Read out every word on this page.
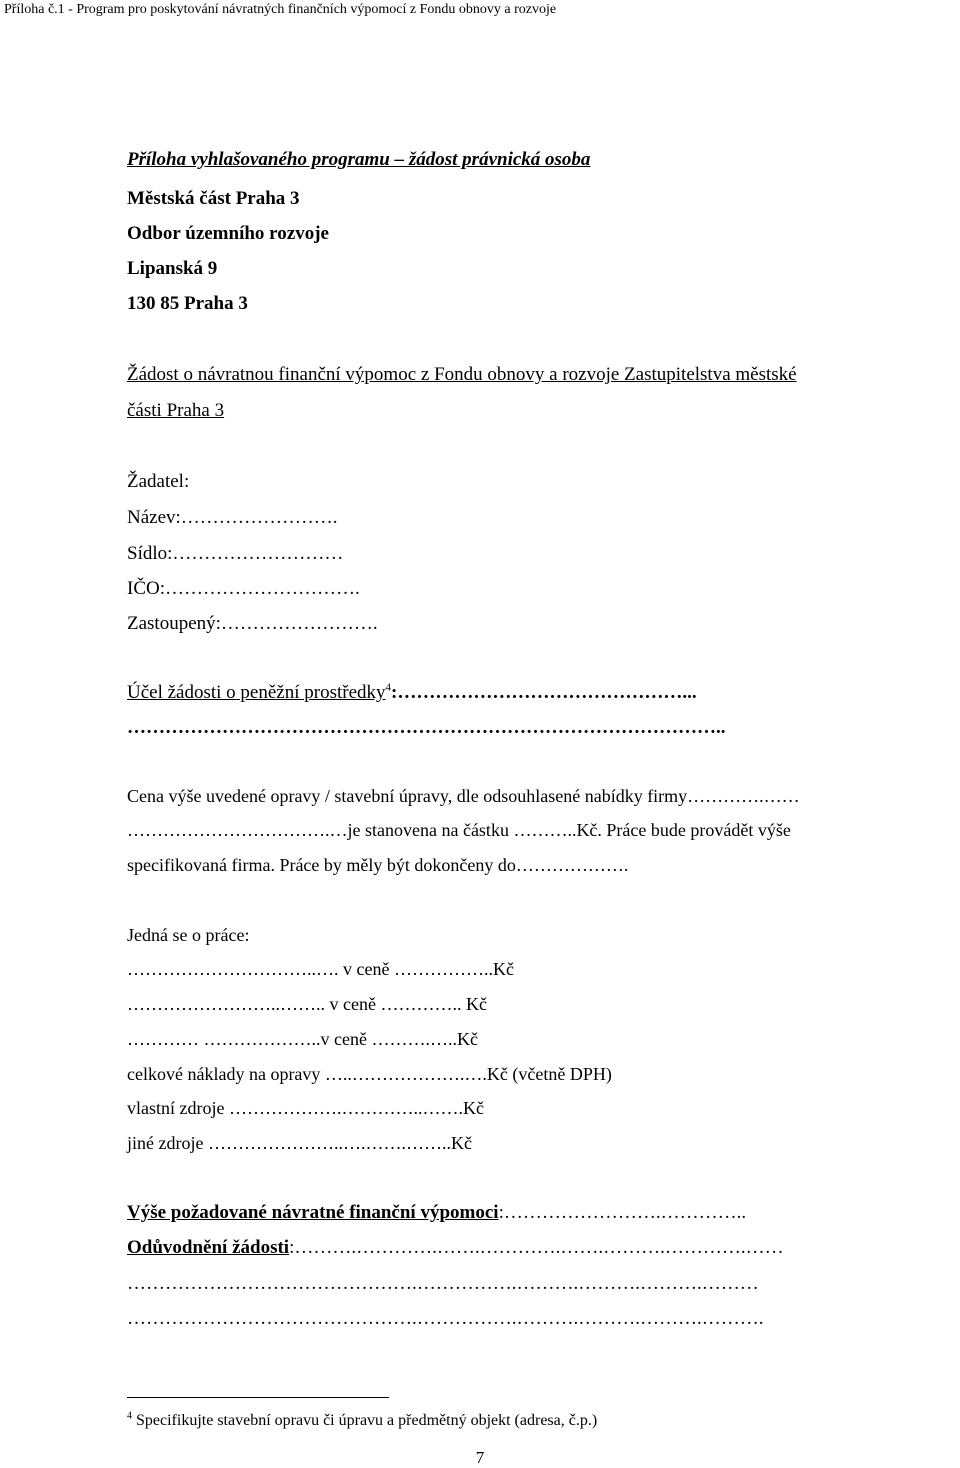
Příloha č.1 - Program pro poskytování návratných finančních výpomocí z Fondu obnovy a rozvoje
Příloha vyhlašovaného programu – žádost právnická osoba
Městská část Praha 3
Odbor územního rozvoje
Lipanská 9
130 85 Praha 3
Žádost o návratnou finanční výpomoc z Fondu obnovy a rozvoje Zastupitelstva městské
části Praha 3
Žadatel:
Název:…………………….
Sídlo:………………………
IČO:………………………….
Zastoupený:…………………….
Účel žádosti o peněžní prostředky$^4$:………………………………………...
…………………………………………………………………………………..
Cena výše uvedené opravy / stavební úpravy, dle odsouhlasené nabídky firmy………….……
…………………………….…je stanovena na částku ………..Kč. Práce bude provádět výše
specifikovaná firma. Práce by měly být dokončeny do……………….
Jedná se o práce:
…………………………..…. v ceně ……………..Kč
……………………..…….. v ceně ………….. Kč
………… ………………..v ceně ……….…..Kč
celkové náklady na opravy …..……………….….Kč (včetně DPH)
vlastní zdroje ……………….…………..…….Kč
jiné zdroje …………………..….…….……..Kč
Výše požadované návratné finanční výpomoci:…………………….…………..
Odůvodnění žádosti:……….………….…….………….…….……….………….……
……………………………………….…………….……….……….……….………
……………………………………….…………….……….……….……….……….
$^4$ Specifikujte stavební opravu či úpravu a předmětný objekt (adresa, č.p.)
7
